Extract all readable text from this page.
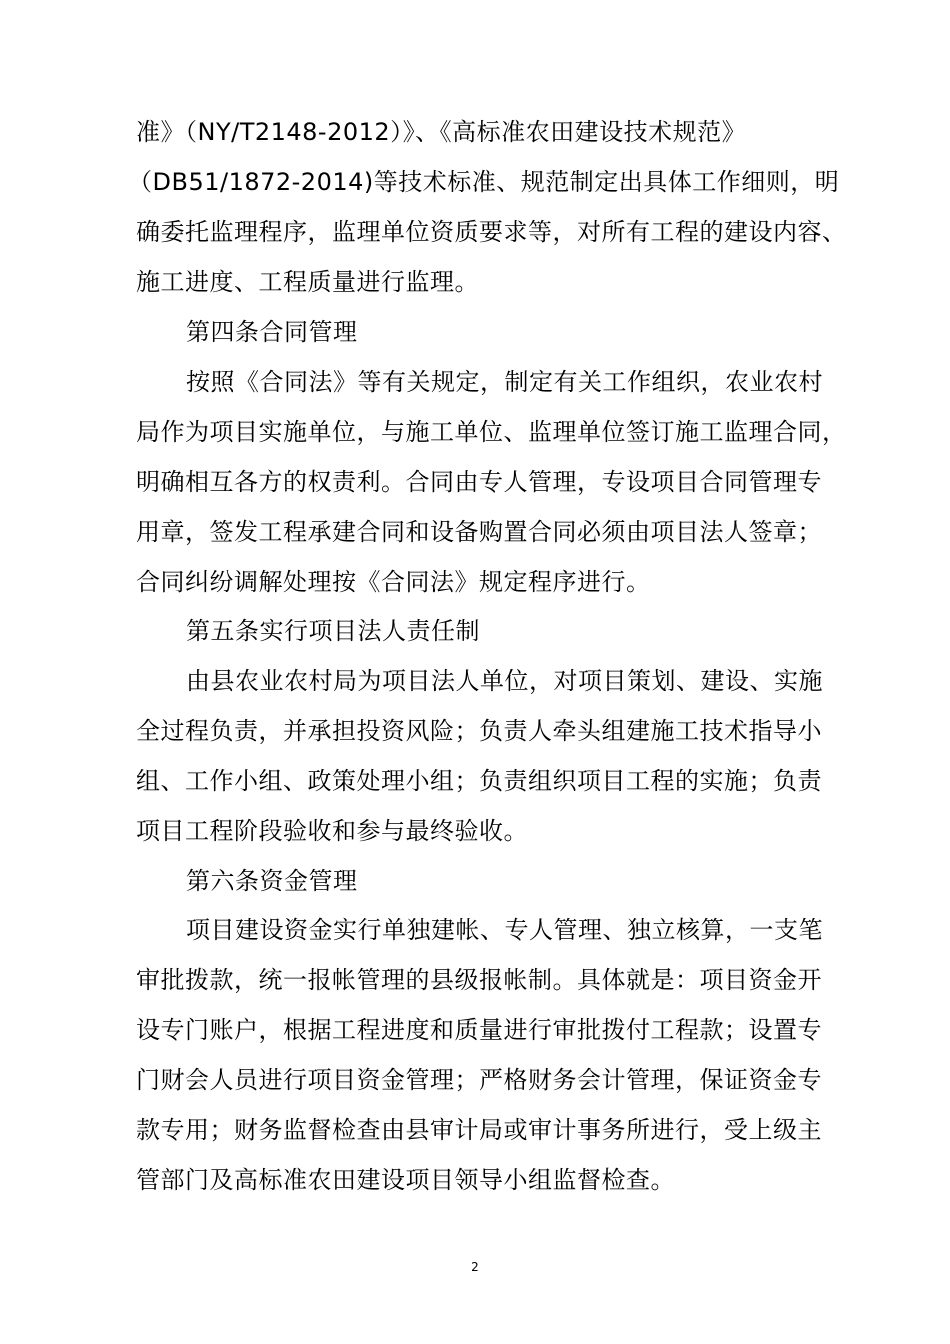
准》（NY/T2148-2012）》、《高标准农田建设技术规范》
（DB51/1872-2014)等技术标准、规范制定出具体工作细则，明
确委托监理程序，监理单位资质要求等，对所有工程的建设内容、
施工进度、工程质量进行监理。
第四条合同管理
按照《合同法》等有关规定，制定有关工作组织，农业农村
局作为项目实施单位，与施工单位、监理单位签订施工监理合同，
明确相互各方的权责利。合同由专人管理，专设项目合同管理专
用章，签发工程承建合同和设备购置合同必须由项目法人签章；
合同纠纷调解处理按《合同法》规定程序进行。
第五条实行项目法人责任制
由县农业农村局为项目法人单位，对项目策划、建设、实施
全过程负责，并承担投资风险；负责人牵头组建施工技术指导小
组、工作小组、政策处理小组；负责组织项目工程的实施；负责
项目工程阶段验收和参与最终验收。
第六条资金管理
项目建设资金实行单独建帐、专人管理、独立核算，一支笔
审批拨款，统一报帐管理的县级报帐制。具体就是：项目资金开
设专门账户，根据工程进度和质量进行审批拨付工程款；设置专
门财会人员进行项目资金管理；严格财务会计管理，保证资金专
款专用；财务监督检查由县审计局或审计事务所进行，受上级主
管部门及高标准农田建设项目领导小组监督检查。
2
